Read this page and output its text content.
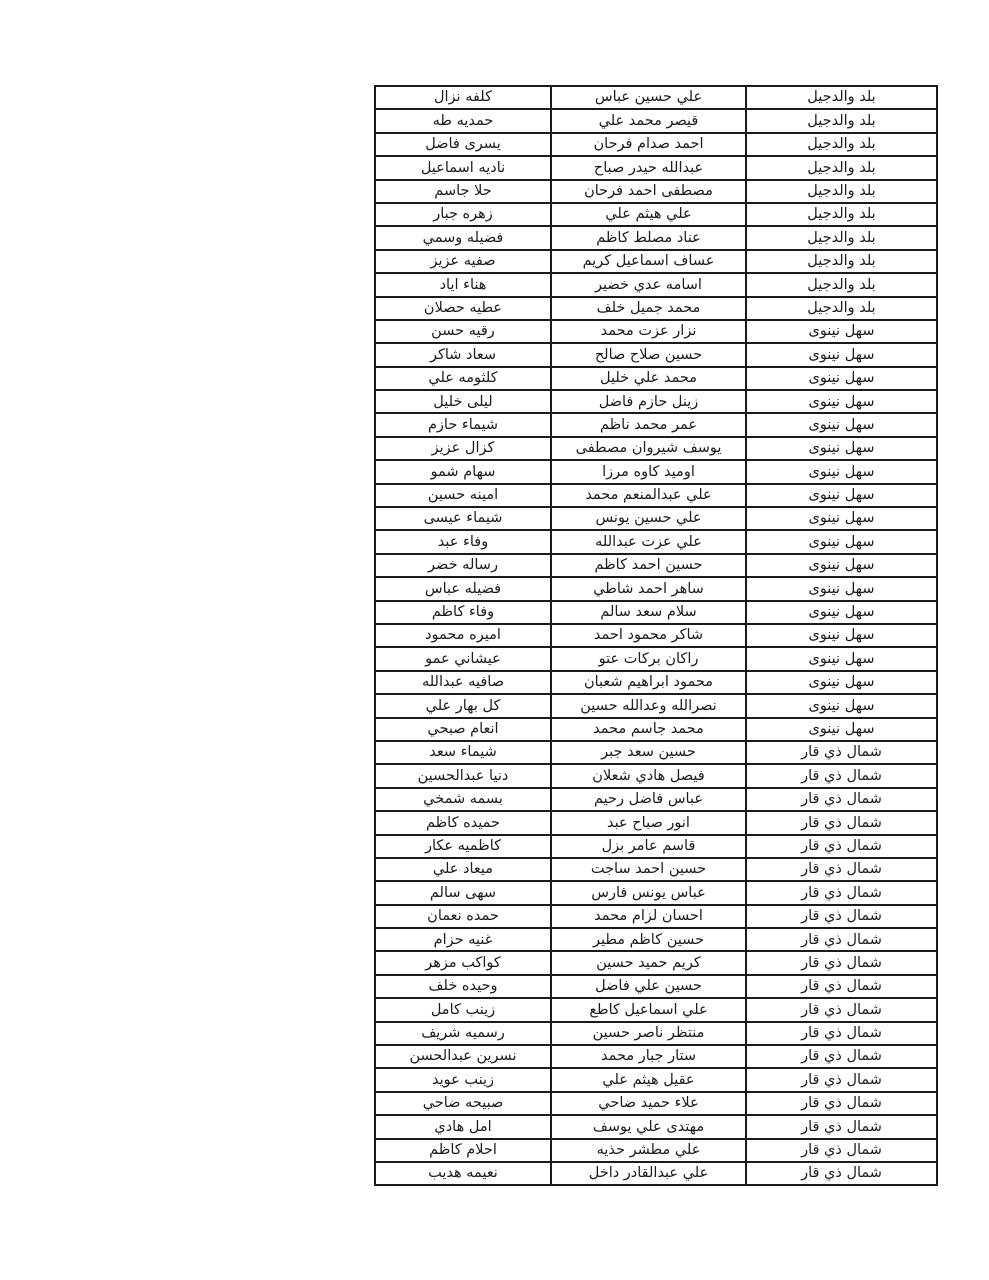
بلد والدجيل	علي حسين عباس	كلفه نزال
بلد والدجيل	قيصر محمد علي	حمديه طه
بلد والدجيل	احمد صدام فرحان	يسرى فاضل
بلد والدجيل	عبدالله حيدر صباح	ناديه اسماعيل
بلد والدجيل	مصطفى احمد فرحان	حلا جاسم
بلد والدجيل	علي هيثم علي	زهره جبار
بلد والدجيل	عناد مصلط كاظم	فضيله وسمي
بلد والدجيل	عساف اسماعيل كريم	صفيه عزيز
بلد والدجيل	اسامه عدي خضير	هناء اياد
بلد والدجيل	محمد جميل خلف	عطيه حصلان
سهل نينوى	نزار عزت محمد	رقيه حسن
سهل نينوى	حسين صلاح صالح	سعاد شاكر
سهل نينوى	محمد علي خليل	كلثومه علي
سهل نينوى	زينل حازم فاضل	ليلى خليل
سهل نينوى	عمر محمد ناظم	شيماء حازم
سهل نينوى	يوسف شيروان مصطفى	كزال عزيز
سهل نينوى	اوميد كاوه مرزا	سهام شمو
سهل نينوى	علي عبدالمنعم محمد	امينه حسين
سهل نينوى	علي حسين يونس	شيماء عيسى
سهل نينوى	علي عزت عبدالله	وفاء عبد
سهل نينوى	حسين احمد كاظم	رساله خضر
سهل نينوى	ساهر احمد شاطي	فضيله عباس
سهل نينوى	سلام سعد سالم	وفاء كاظم
سهل نينوى	شاكر محمود احمد	اميره محمود
سهل نينوى	راكان بركات عتو	عيشاني عمو
سهل نينوى	محمود ابراهيم شعبان	صافيه عبدالله
سهل نينوى	نصرالله وعدالله حسين	كل بهار علي
سهل نينوى	محمد جاسم محمد	انعام صبحي
شمال ذي قار	حسين سعد جبر	شيماء سعد
شمال ذي قار	فيصل هادي شعلان	دنيا عبدالحسين
شمال ذي قار	عباس فاضل رحيم	بسمه شمخي
شمال ذي قار	انور صباح عبد	حميده كاظم
شمال ذي قار	قاسم عامر بزل	كاظميه عكار
شمال ذي قار	حسين احمد ساجت	ميعاد علي
شمال ذي قار	عباس يونس فارس	سهى سالم
شمال ذي قار	احسان لزام محمد	حمده نعمان
شمال ذي قار	حسين كاظم مطير	غنيه حزام
شمال ذي قار	كريم حميد حسين	كواكب مزهر
شمال ذي قار	حسين علي فاضل	وحيده خلف
شمال ذي قار	علي اسماعيل كاطع	زينب كامل
شمال ذي قار	منتظر ناصر حسين	رسميه شريف
شمال ذي قار	ستار جبار محمد	نسرين عبدالحسن
شمال ذي قار	عقيل هيثم علي	زينب عويد
شمال ذي قار	علاء حميد ضاحي	صبيحه ضاحي
شمال ذي قار	مهتدى علي يوسف	امل هادي
شمال ذي قار	علي مطشر حذيه	احلام كاظم
شمال ذي قار	علي عبدالقادر داخل	نعيمه هديب
